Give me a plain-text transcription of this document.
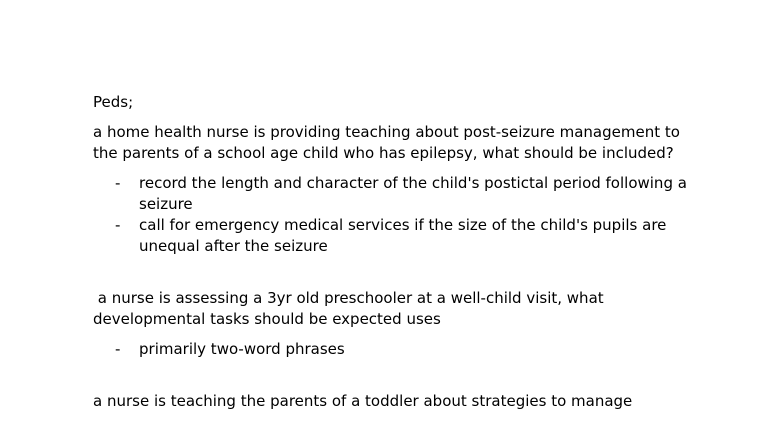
Peds;

a home health nurse is providing teaching about post-seizure management to the parents of a school age child who has epilepsy, what should be included?

- record the length and character of the child's postictal period following a seizure
- call for emergency medical services if the size of the child's pupils are unequal after the seizure

a nurse is assessing a 3yr old preschooler at a well-child visit, what developmental tasks should be expected uses

- primarily two-word phrases

a nurse is teaching the parents of a toddler about strategies to manage
